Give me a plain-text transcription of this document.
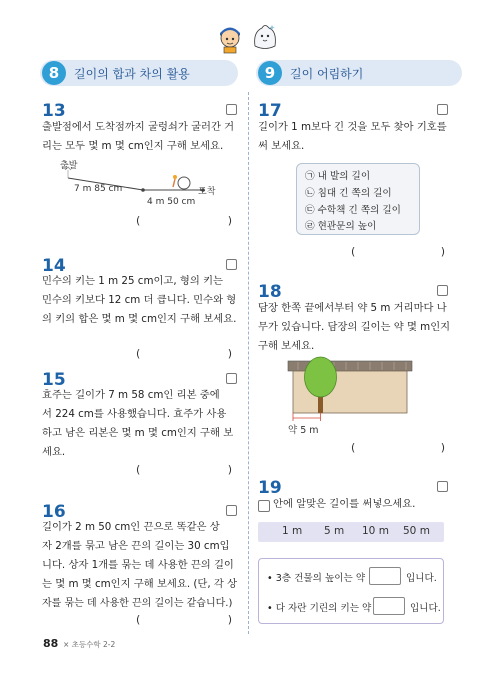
8	길이의 합과 차의 활용	9	길이 어림하기
13
출발점에서 도착점까지 굴렁쇠가 굴러간 거
리는 모두 몇 m 몇 cm인지 구해 보세요.
출발
도착
7 m 85 cm
4 m 50 cm
(	)
14
민수의 키는 1 m 25 cm이고, 형의 키는
민수의 키보다 12 cm 더 큽니다. 민수와 형
의 키의 합은 몇 m 몇 cm인지 구해 보세요.
(	)
15
효주는 길이가 7 m 58 cm인 리본 중에
서 224 cm를 사용했습니다. 효주가 사용
하고 남은 리본은 몇 m 몇 cm인지 구해 보
세요.
(	)
16
길이가 2 m 50 cm인 끈으로 똑같은 상
자 2개를 묶고 남은 끈의 길이는 30 cm입
니다. 상자 1개를 묶는 데 사용한 끈의 길이
는 몇 m 몇 cm인지 구해 보세요. (단, 각 상
자를 묶는 데 사용한 끈의 길이는 같습니다.)
(	)
17
길이가 1 m보다 긴 것을 모두 찾아 기호를
써 보세요.
㉠ 내 발의 길이
㉡ 침대 긴 쪽의 길이
㉢ 수학책 긴 쪽의 길이
㉣ 현관문의 높이
(	)
18
담장 한쪽 끝에서부터 약 5 m 거리마다 나
무가 있습니다. 담장의 길이는 약 몇 m인지
구해 보세요.
약 5 m
(	)
19
안에 알맞은 길이를 써넣으세요.
1 m 5 m 10 m 50 m
• 3층 건물의 높이는 약	입니다.
• 다 자란 기린의 키는 약	입니다.
88 × 초등수학 2-2
